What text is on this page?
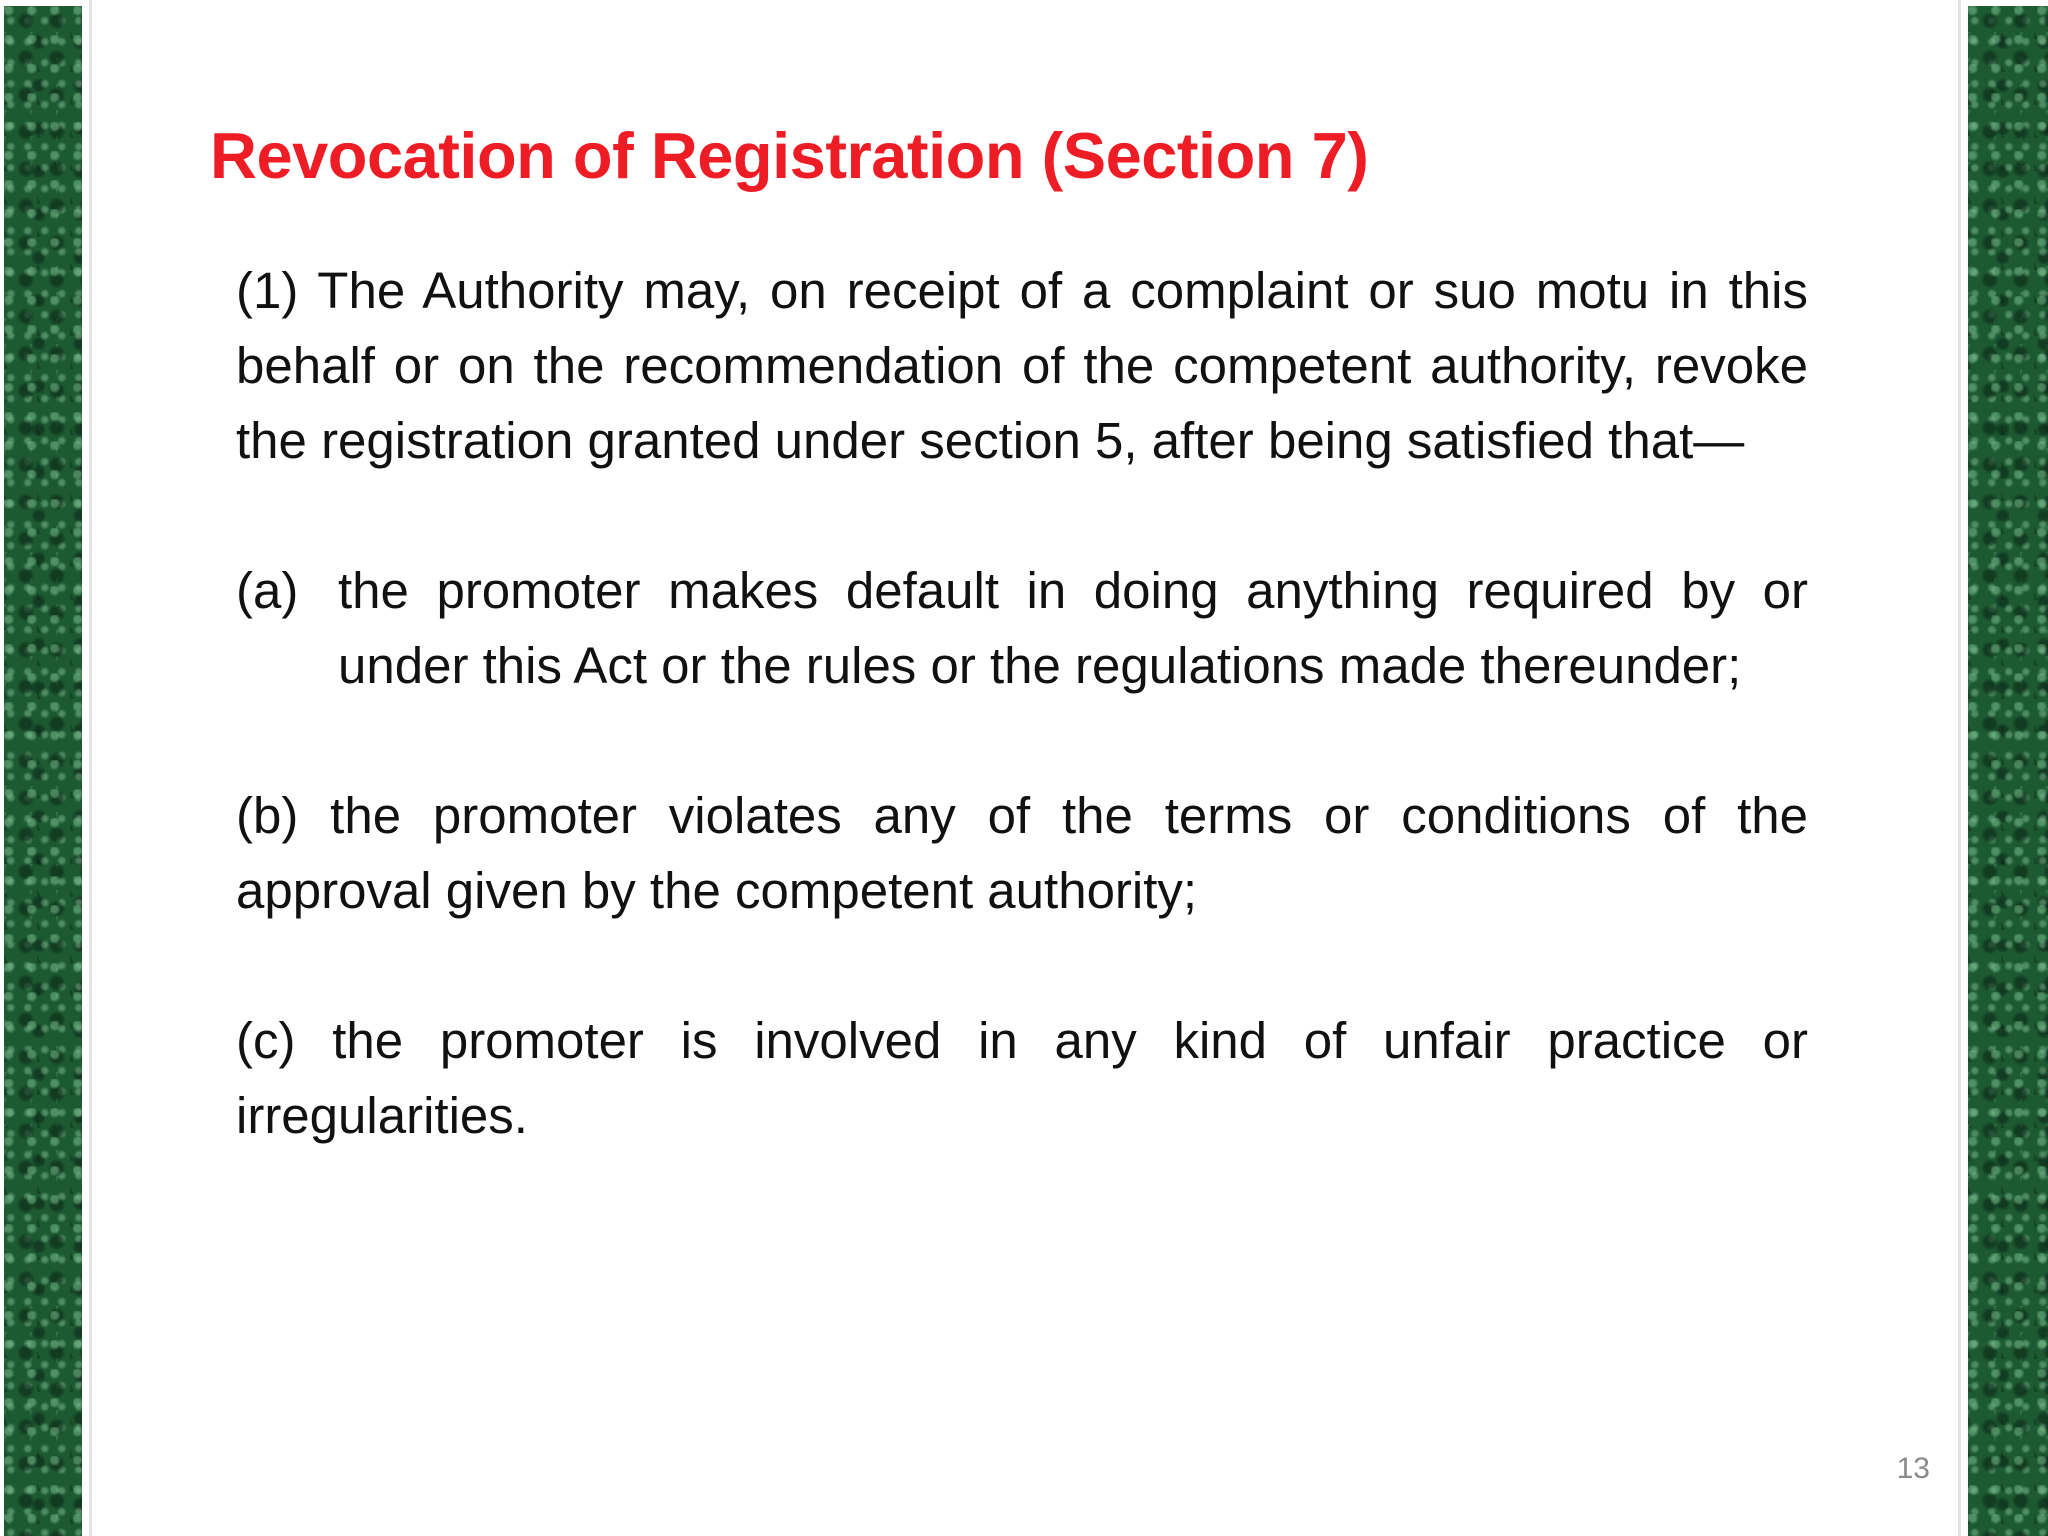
Revocation of Registration (Section 7)

(1) The Authority may, on receipt of a complaint or suo motu in this behalf or on the recommendation of the competent authority, revoke the registration granted under section 5, after being satisfied that—

(a) the promoter makes default in doing anything required by or under this Act or the rules or the regulations made thereunder;

(b) the promoter violates any of the terms or conditions of the approval given by the competent authority;

(c) the promoter is involved in any kind of unfair practice or irregularities.

13
